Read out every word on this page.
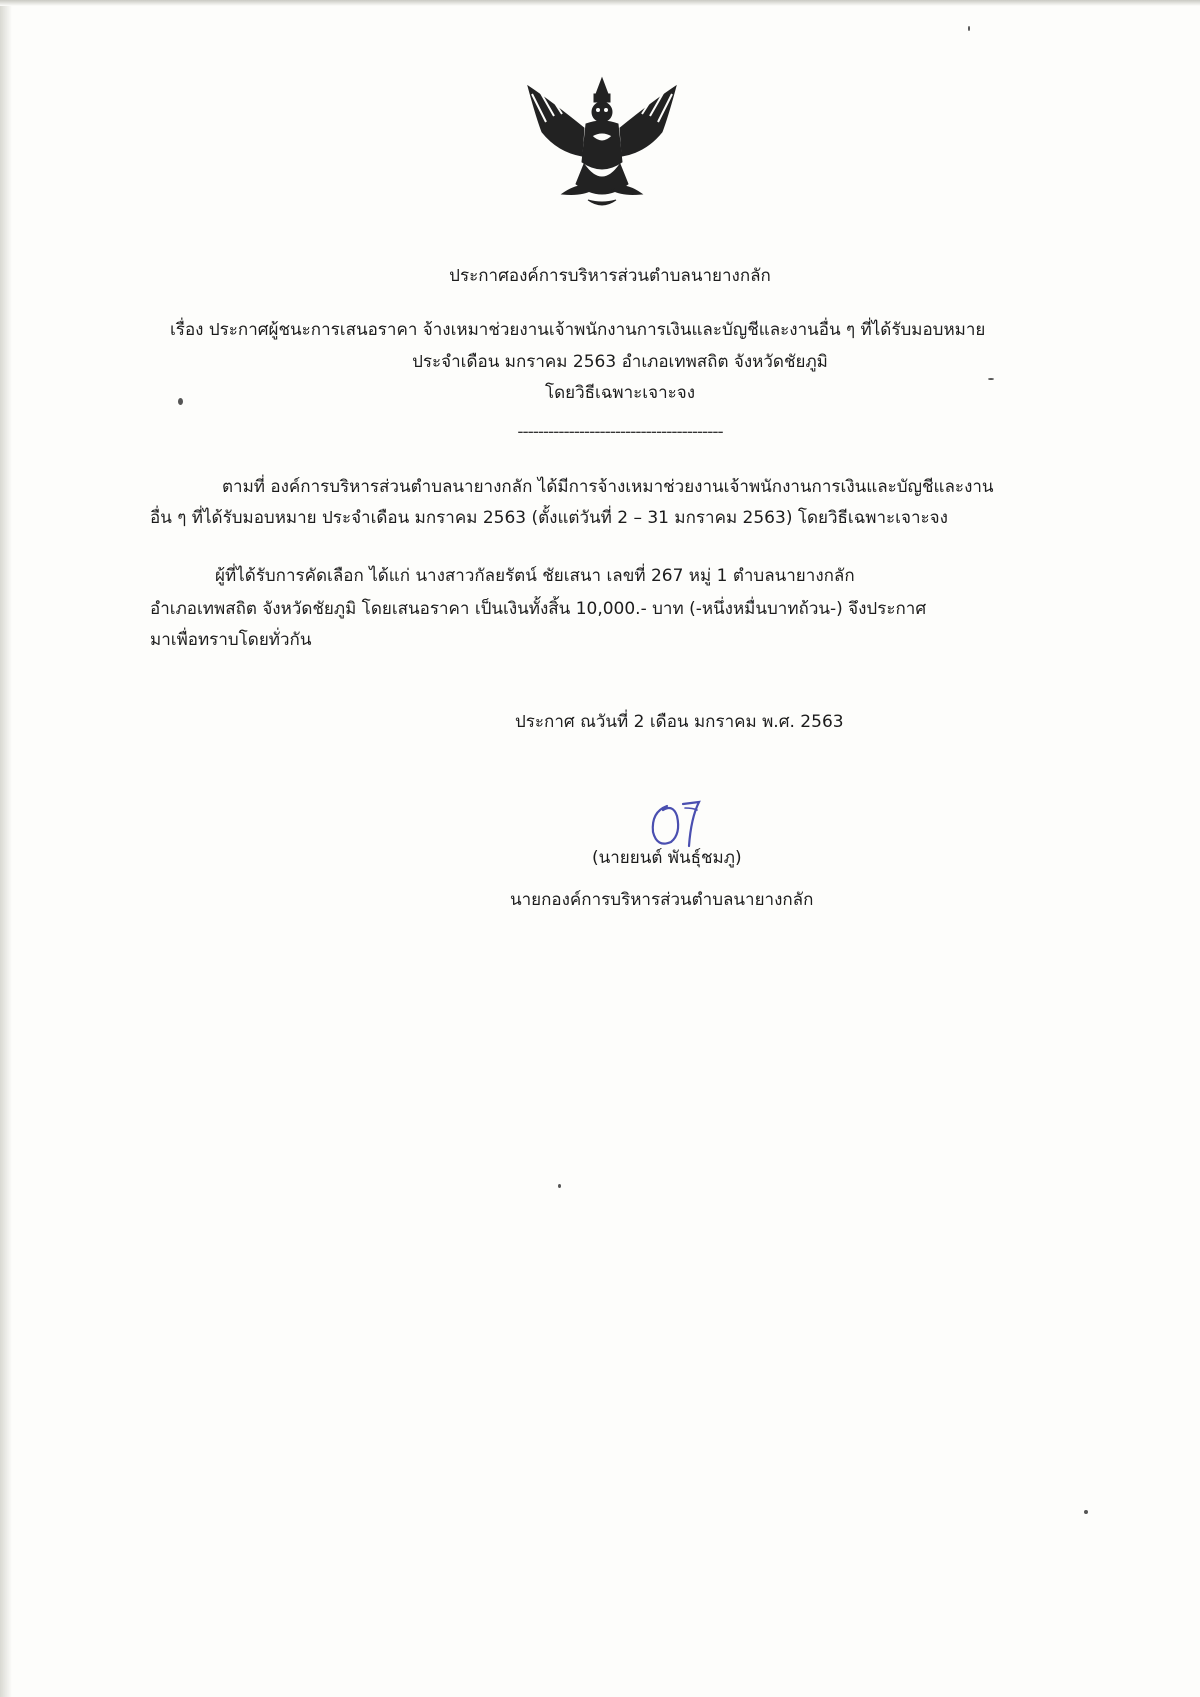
ประกาศองค์การบริหารส่วนตำบลนายางกลัก
เรื่อง ประกาศผู้ชนะการเสนอราคา จ้างเหมาช่วยงานเจ้าพนักงานการเงินและบัญชีและงานอื่น ๆ ที่ได้รับมอบหมาย
ประจำเดือน มกราคม 2563 อำเภอเทพสถิต จังหวัดชัยภูมิ
โดยวิธีเฉพาะเจาะจง
----------------------------------------
ตามที่ องค์การบริหารส่วนตำบลนายางกลัก ได้มีการจ้างเหมาช่วยงานเจ้าพนักงานการเงินและบัญชีและงาน
อื่น ๆ ที่ได้รับมอบหมาย ประจำเดือน มกราคม 2563 (ตั้งแต่วันที่ 2 – 31 มกราคม 2563) โดยวิธีเฉพาะเจาะจง
ผู้ที่ได้รับการคัดเลือก ได้แก่ นางสาวกัลยรัตน์ ชัยเสนา เลขที่ 267 หมู่ 1 ตำบลนายางกลัก
อำเภอเทพสถิต จังหวัดชัยภูมิ โดยเสนอราคา เป็นเงินทั้งสิ้น 10,000.- บาท (-หนึ่งหมื่นบาทถ้วน-) จึงประกาศ
มาเพื่อทราบโดยทั่วกัน
ประกาศ ณวันที่ 2 เดือน มกราคม พ.ศ. 2563
(นายยนต์ พันธุ์ชมภู)
นายกองค์การบริหารส่วนตำบลนายางกลัก
